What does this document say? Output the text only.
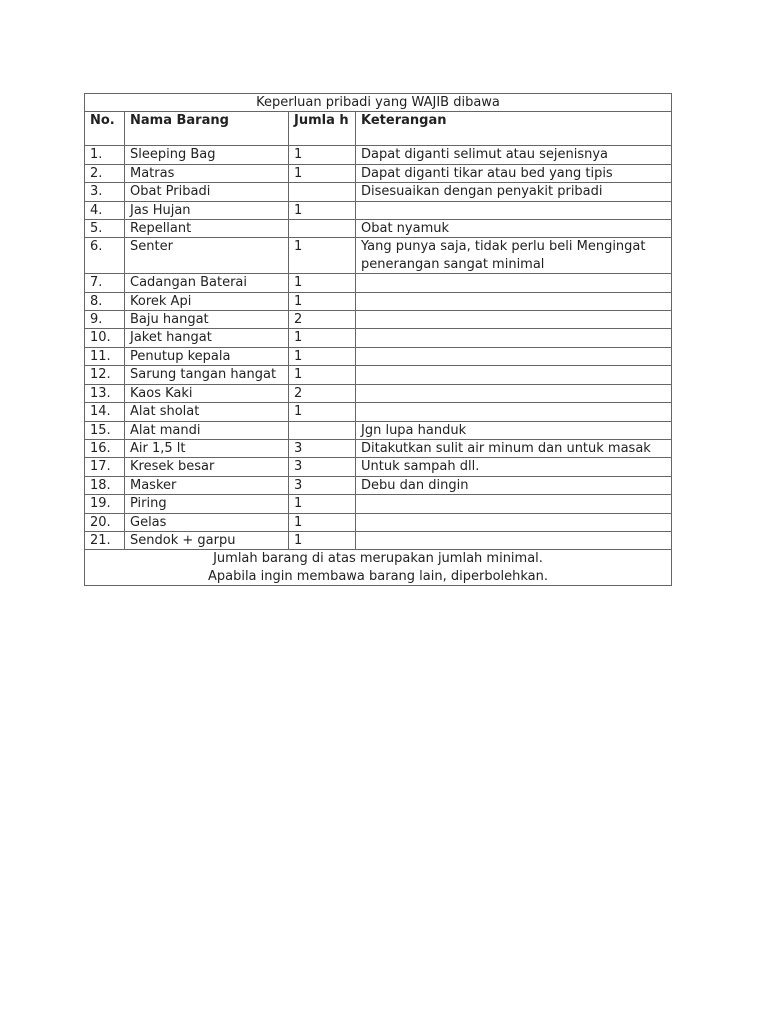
Keperluan pribadi yang WAJIB dibawa			
No.	Nama Barang	Jumla h	Keterangan
1.	Sleeping Bag	1	Dapat diganti selimut atau sejenisnya
2.	Matras	1	Dapat diganti tikar atau bed yang tipis
3.	Obat Pribadi		Disesuaikan dengan penyakit pribadi
4.	Jas Hujan	1	
5.	Repellant		Obat nyamuk
6.	Senter	1	Yang punya saja, tidak perlu beli Mengingat penerangan sangat minimal
7.	Cadangan Baterai	1	
8.	Korek Api	1	
9.	Baju hangat	2	
10.	Jaket hangat	1	
11.	Penutup kepala	1	
12.	Sarung tangan hangat	1	
13.	Kaos Kaki	2	
14.	Alat sholat	1	
15.	Alat mandi		Jgn lupa handuk
16.	Air 1,5 lt	3	Ditakutkan sulit air minum dan untuk masak
17.	Kresek besar	3	Untuk sampah dll.
18.	Masker	3	Debu dan dingin
19.	Piring	1	
20.	Gelas	1	
21.	Sendok + garpu	1	

Jumlah barang di atas merupakan jumlah minimal.
Apabila ingin membawa barang lain, diperbolehkan.			
